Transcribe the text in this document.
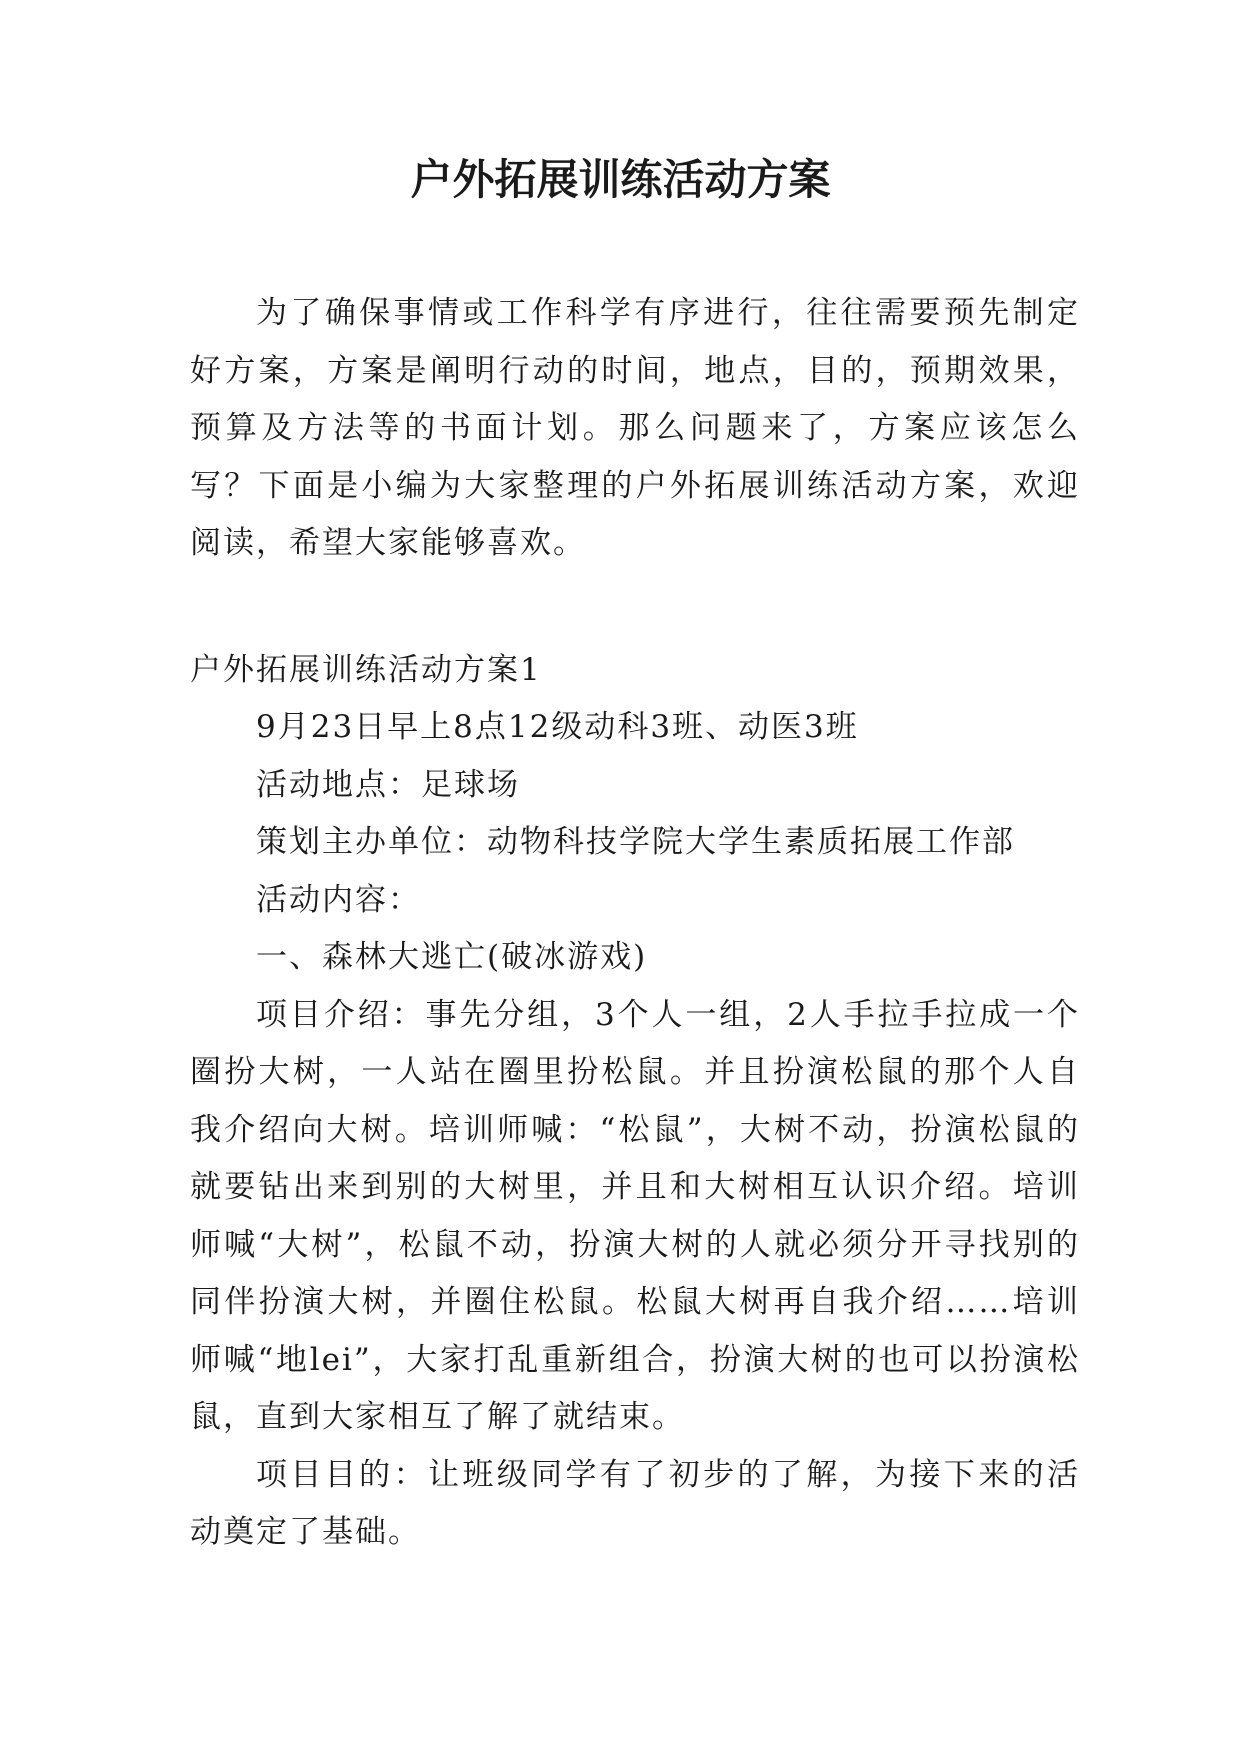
户外拓展训练活动方案

为了确保事情或工作科学有序进行，往往需要预先制定好方案，方案是阐明行动的时间，地点，目的，预期效果，预算及方法等的书面计划。那么问题来了，方案应该怎么写？下面是小编为大家整理的户外拓展训练活动方案，欢迎阅读，希望大家能够喜欢。

户外拓展训练活动方案1

9月23日早上8点12级动科3班、动医3班

活动地点：足球场

策划主办单位：动物科技学院大学生素质拓展工作部

活动内容：

一、森林大逃亡(破冰游戏)

项目介绍：事先分组，3个人一组，2人手拉手拉成一个圈扮大树，一人站在圈里扮松鼠。并且扮演松鼠的那个人自我介绍向大树。培训师喊：“松鼠”，大树不动，扮演松鼠的就要钻出来到别的大树里，并且和大树相互认识介绍。培训师喊“大树”，松鼠不动，扮演大树的人就必须分开寻找别的同伴扮演大树，并圈住松鼠。松鼠大树再自我介绍……培训师喊“地lei”，大家打乱重新组合，扮演大树的也可以扮演松鼠，直到大家相互了解了就结束。

项目目的：让班级同学有了初步的了解，为接下来的活动奠定了基础。
